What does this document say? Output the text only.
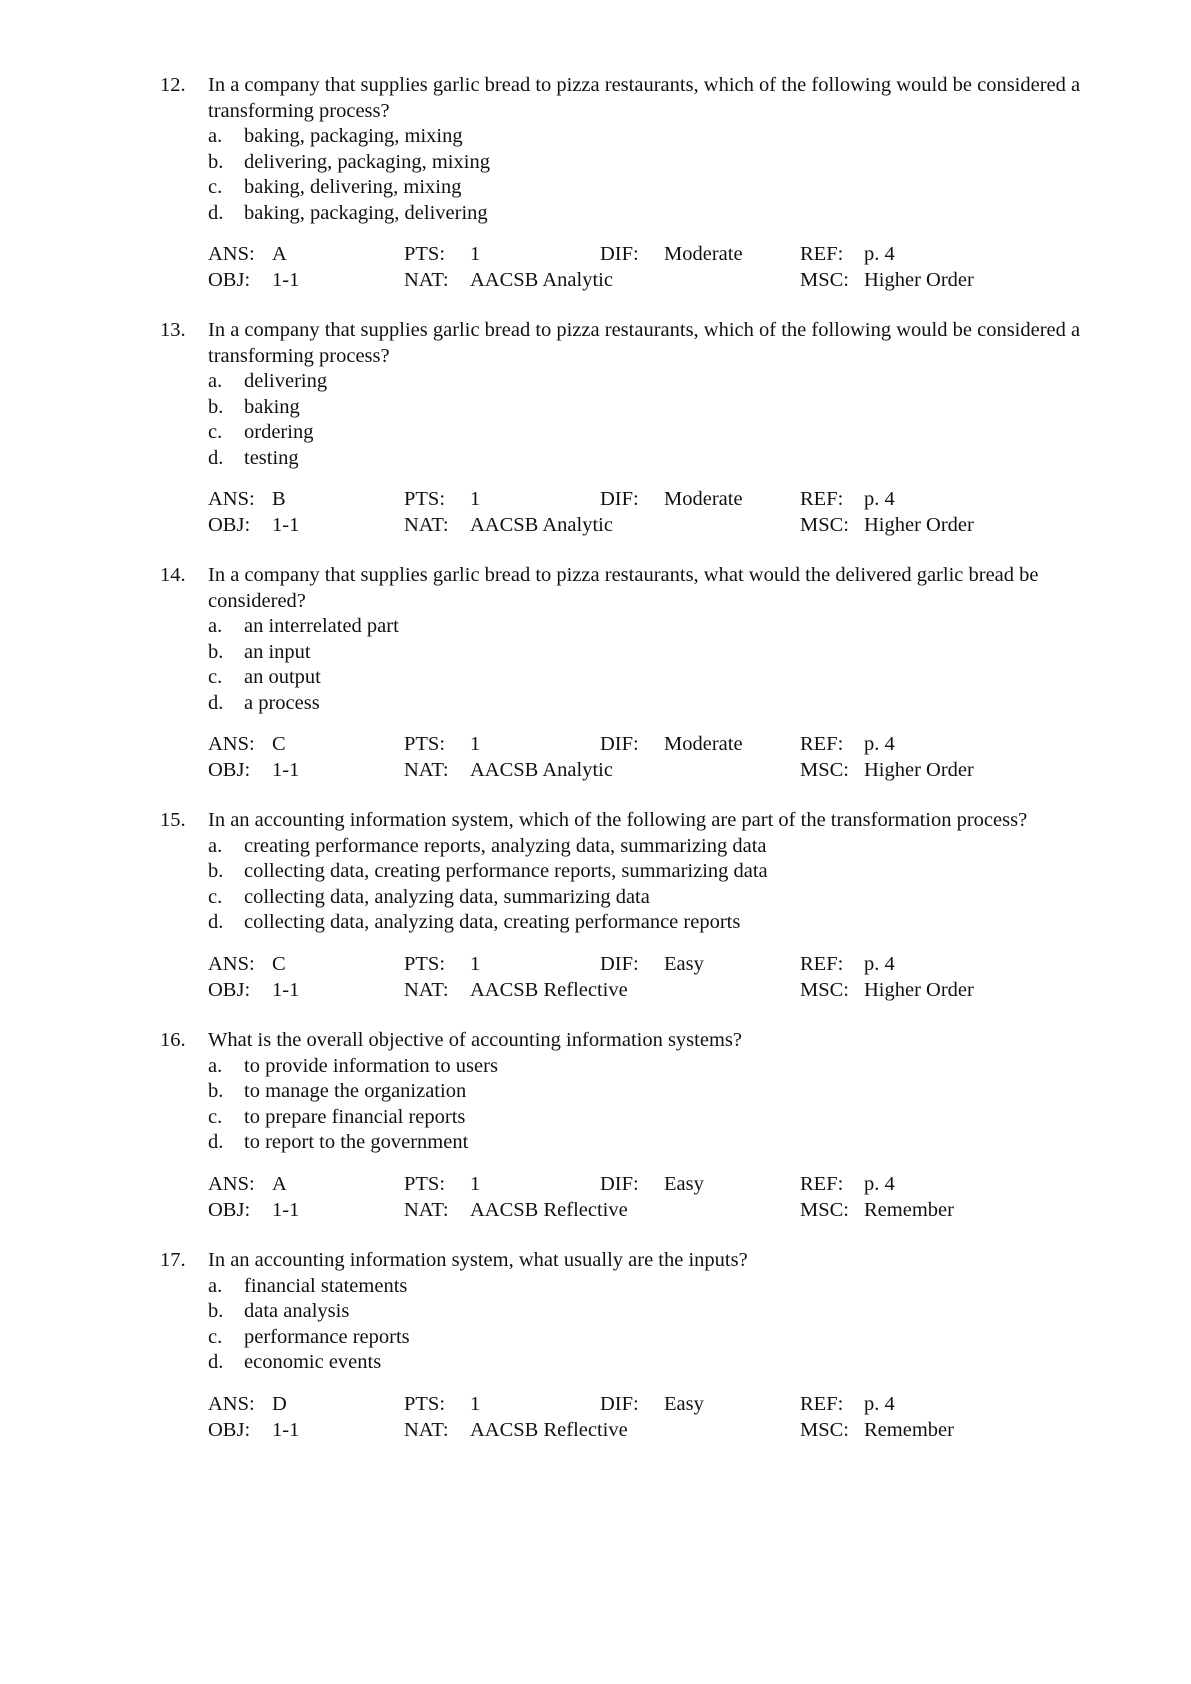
12.	In a company that supplies garlic bread to pizza restaurants, which of the following would be considered a transforming process?
a. baking, packaging, mixing
b. delivering, packaging, mixing
c. baking, delivering, mixing
d. baking, packaging, delivering
ANS: A	PTS: 1	DIF: Moderate	REF: p. 4
OBJ: 1-1	NAT: AACSB Analytic	MSC: Higher Order
13.	In a company that supplies garlic bread to pizza restaurants, which of the following would be considered a transforming process?
a. delivering
b. baking
c. ordering
d. testing
ANS: B	PTS: 1	DIF: Moderate	REF: p. 4
OBJ: 1-1	NAT: AACSB Analytic	MSC: Higher Order
14.	In a company that supplies garlic bread to pizza restaurants, what would the delivered garlic bread be considered?
a. an interrelated part
b. an input
c. an output
d. a process
ANS: C	PTS: 1	DIF: Moderate	REF: p. 4
OBJ: 1-1	NAT: AACSB Analytic	MSC: Higher Order
15.	In an accounting information system, which of the following are part of the transformation process?
a. creating performance reports, analyzing data, summarizing data
b. collecting data, creating performance reports, summarizing data
c. collecting data, analyzing data, summarizing data
d. collecting data, analyzing data, creating performance reports
ANS: C	PTS: 1	DIF: Easy	REF: p. 4
OBJ: 1-1	NAT: AACSB Reflective	MSC: Higher Order
16.	What is the overall objective of accounting information systems?
a. to provide information to users
b. to manage the organization
c. to prepare financial reports
d. to report to the government
ANS: A	PTS: 1	DIF: Easy	REF: p. 4
OBJ: 1-1	NAT: AACSB Reflective	MSC: Remember
17.	In an accounting information system, what usually are the inputs?
a. financial statements
b. data analysis
c. performance reports
d. economic events
ANS: D	PTS: 1	DIF: Easy	REF: p. 4
OBJ: 1-1	NAT: AACSB Reflective	MSC: Remember
